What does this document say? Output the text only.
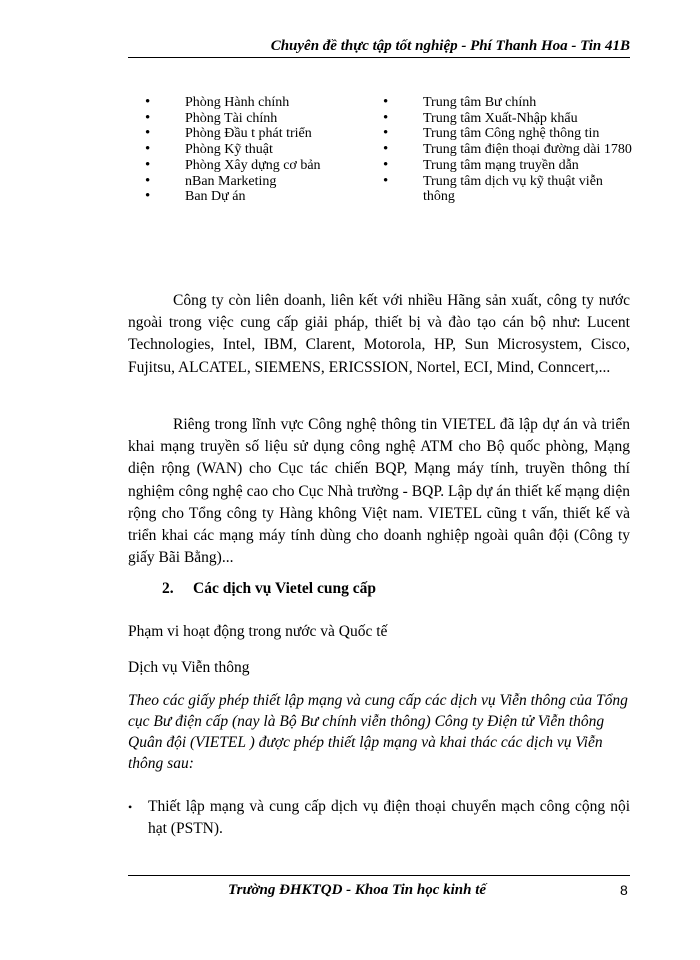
Chuyên đề thực tập tốt nghiệp - Phí Thanh Hoa - Tin 41B
• Phòng Hành chính
• Phòng Tài chính
• Phòng Đầu t phát triển
• Phòng Kỹ thuật
• Phòng Xây dựng cơ bản
• nBan Marketing
• Ban Dự án
• Trung tâm Bư chính
• Trung tâm Xuất-Nhập khẩu
• Trung tâm Công nghệ thông tin
• Trung tâm điện thoại đường dài 1780
• Trung tâm mạng truyền dẫn
• Trung tâm dịch vụ kỹ thuật viễn thông
Công ty còn liên doanh, liên kết với nhiều Hãng sản xuất, công ty nước ngoài trong việc cung cấp giải pháp, thiết bị và đào tạo cán bộ như: Lucent Technologies, Intel, IBM, Clarent, Motorola, HP, Sun Microsystem, Cisco, Fujitsu, ALCATEL, SIEMENS, ERICSSION, Nortel, ECI, Mind, Conncert,...
Riêng trong lĩnh vực Công nghệ thông tin VIETEL đã lập dự án và triển khai mạng truyền số liệu sử dụng công nghệ ATM cho Bộ quốc phòng, Mạng diện rộng (WAN) cho Cục tác chiến BQP, Mạng máy tính, truyền thông thí nghiệm công nghệ cao cho Cục Nhà trường - BQP. Lập dự án thiết kế mạng diện rộng cho Tổng công ty Hàng không Việt nam. VIETEL cũng t vấn, thiết kế và triển khai các mạng máy tính dùng cho doanh nghiệp ngoài quân đội (Công ty giấy Bãi Bằng)...
2. Các dịch vụ Vietel cung cấp
Phạm vi hoạt động trong nước và Quốc tế
Dịch vụ Viễn thông
Theo các giấy phép thiết lập mạng và cung cấp các dịch vụ Viễn thông của Tổng cục Bư điện cấp (nay là Bộ Bư chính viễn thông) Công ty Điện tử Viễn thông Quân đội (VIETEL ) được phép thiết lập mạng và khai thác các dịch vụ Viễn thông sau:
•	Thiết lập mạng và cung cấp dịch vụ điện thoại chuyển mạch công cộng nội hạt (PSTN).
Trường ĐHKTQD - Khoa Tin học kinh tế	8
